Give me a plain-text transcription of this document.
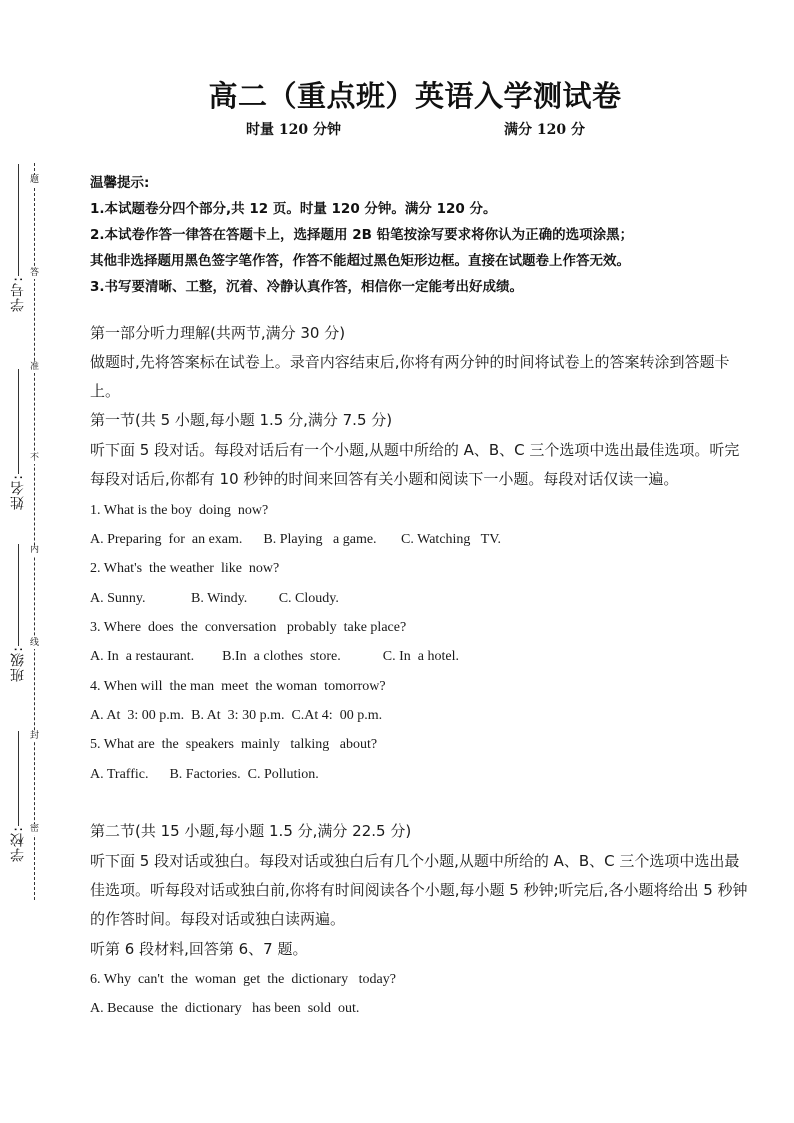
题
答
准
不
内
线
封
密
学号:
姓名:
班级:
学校:
高二（重点班）英语入学测试卷
时量 120 分钟	满分 120 分
温馨提示:
1.本试题卷分四个部分,共 12 页。时量 120 分钟。满分 120 分。
2.本试卷作答一律答在答题卡上，选择题用 2B 铅笔按涂写要求将你认为正确的选项涂黑；
其他非选择题用黑色签字笔作答，作答不能超过黑色矩形边框。直接在试题卷上作答无效。
3.书写要清晰、工整，沉着、冷静认真作答，相信你一定能考出好成绩。
第一部分听力理解(共两节,满分 30 分)
做题时,先将答案标在试卷上。录音内容结束后,你将有两分钟的时间将试卷上的答案转涂到答题卡上。
第一节(共 5 小题,每小题 1.5 分,满分 7.5 分)
听下面 5 段对话。每段对话后有一个小题,从题中所给的 A、B、C 三个选项中选出最佳选项。听完每段对话后,你都有 10 秒钟的时间来回答有关小题和阅读下一小题。每段对话仅读一遍。
1. What is the boy  doing  now?
A. Preparing  for  an exam.      B. Playing   a game.       C. Watching   TV.
2. What's  the weather  like  now?
A. Sunny.             B. Windy.         C. Cloudy.
3. Where  does  the  conversation   probably  take place?
A. In  a restaurant.        B.In  a clothes  store.            C. In  a hotel.
4. When will  the man  meet  the woman  tomorrow?
A. At  3: 00 p.m.  B. At  3: 30 p.m.  C.At 4:  00 p.m.
5. What are  the  speakers  mainly   talking   about?
A. Traffic.      B. Factories.  C. Pollution.
第二节(共 15 小题,每小题 1.5 分,满分 22.5 分)
听下面 5 段对话或独白。每段对话或独白后有几个小题,从题中所给的 A、B、C 三个选项中选出最佳选项。听每段对话或独白前,你将有时间阅读各个小题,每小题 5 秒钟;听完后,各小题将给出 5 秒钟的作答时间。每段对话或独白读两遍。
听第 6 段材料,回答第 6、7 题。
6. Why  can't  the  woman  get  the  dictionary   today?
A. Because  the  dictionary   has been  sold  out.
